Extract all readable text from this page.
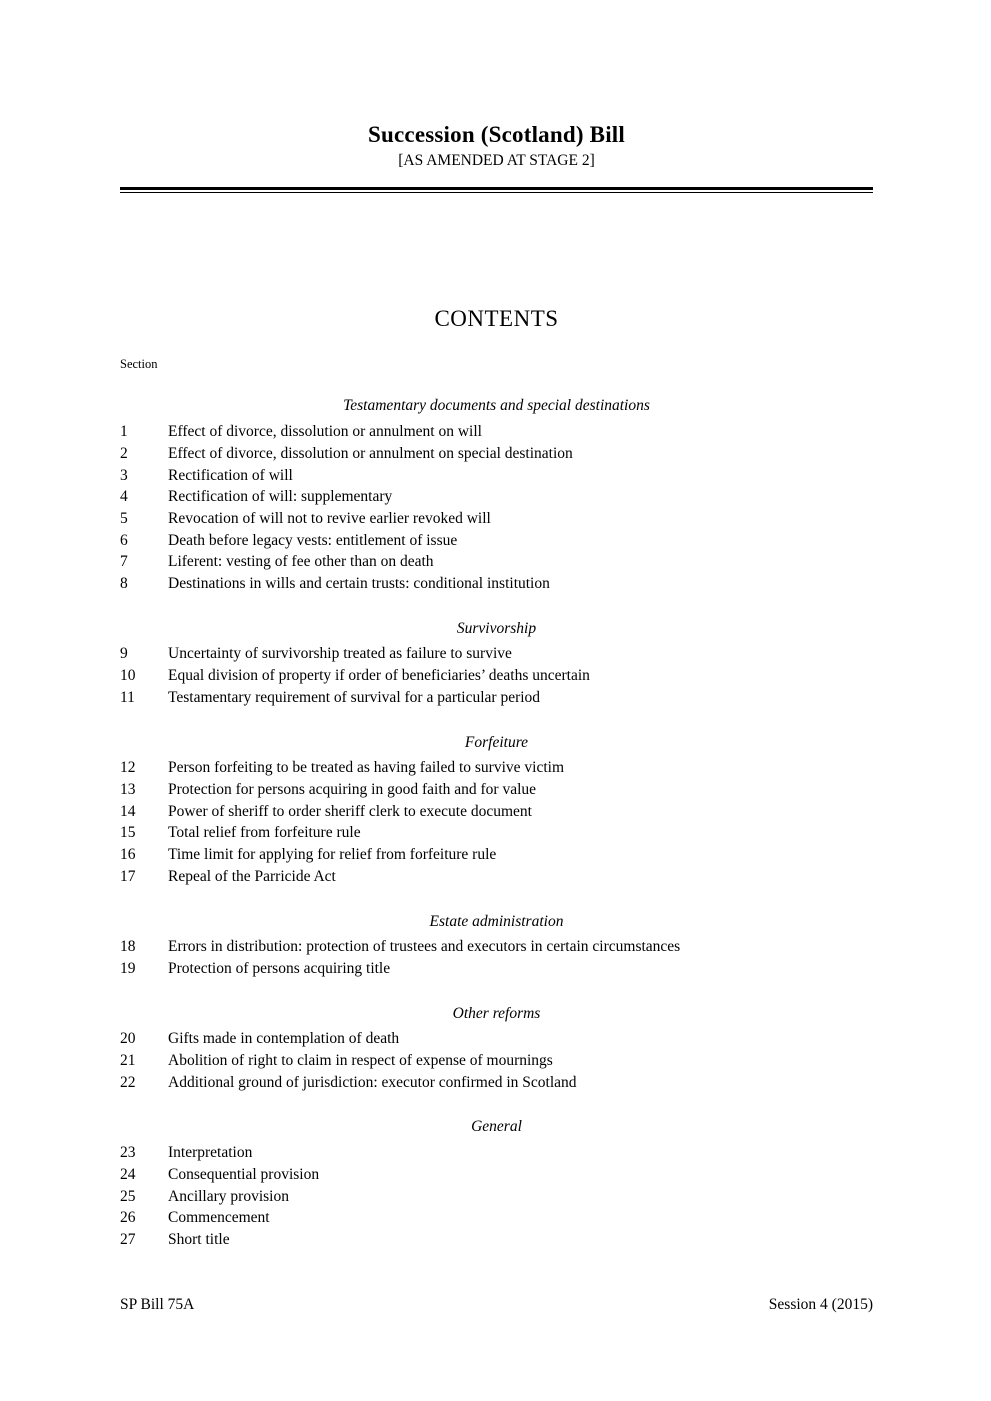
Succession (Scotland) Bill
[AS AMENDED AT STAGE 2]
CONTENTS
Section
Testamentary documents and special destinations
1	Effect of divorce, dissolution or annulment on will
2	Effect of divorce, dissolution or annulment on special destination
3	Rectification of will
4	Rectification of will: supplementary
5	Revocation of will not to revive earlier revoked will
6	Death before legacy vests: entitlement of issue
7	Liferent: vesting of fee other than on death
8	Destinations in wills and certain trusts: conditional institution
Survivorship
9	Uncertainty of survivorship treated as failure to survive
10	Equal division of property if order of beneficiaries’ deaths uncertain
11	Testamentary requirement of survival for a particular period
Forfeiture
12	Person forfeiting to be treated as having failed to survive victim
13	Protection for persons acquiring in good faith and for value
14	Power of sheriff to order sheriff clerk to execute document
15	Total relief from forfeiture rule
16	Time limit for applying for relief from forfeiture rule
17	Repeal of the Parricide Act
Estate administration
18	Errors in distribution: protection of trustees and executors in certain circumstances
19	Protection of persons acquiring title
Other reforms
20	Gifts made in contemplation of death
21	Abolition of right to claim in respect of expense of mournings
22	Additional ground of jurisdiction: executor confirmed in Scotland
General
23	Interpretation
24	Consequential provision
25	Ancillary provision
26	Commencement
27	Short title
SP Bill 75A	Session 4 (2015)
